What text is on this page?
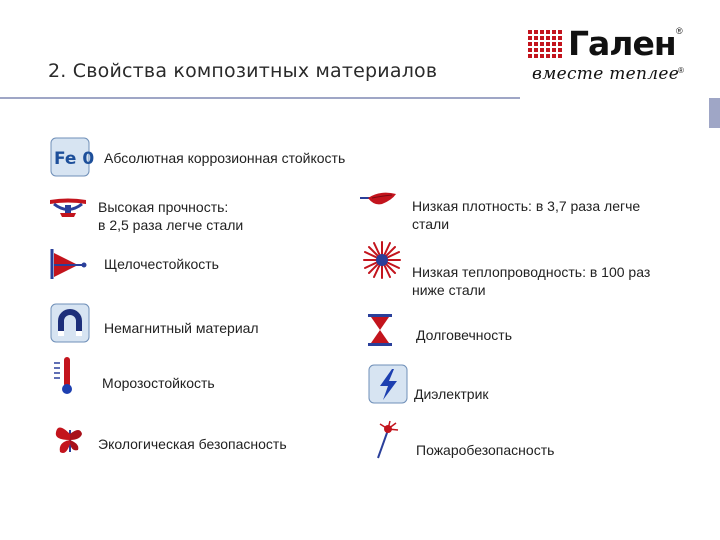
2. Свойства композитных материалов
Гален ®
вместе теплее
®
Fe 0 Абсолютная коррозионная стойкость
Высокая прочность:
в 2,5 раза легче стали
Низкая плотность: в 3,7 раза легче
стали
Щелочестойкость	Низкая теплопроводность: в 100 раз
ниже стали
Немагнитный материал	Долговечность
Морозостойкость
Диэлектрик
Экологическая безопасность	Пожаробезопасность
